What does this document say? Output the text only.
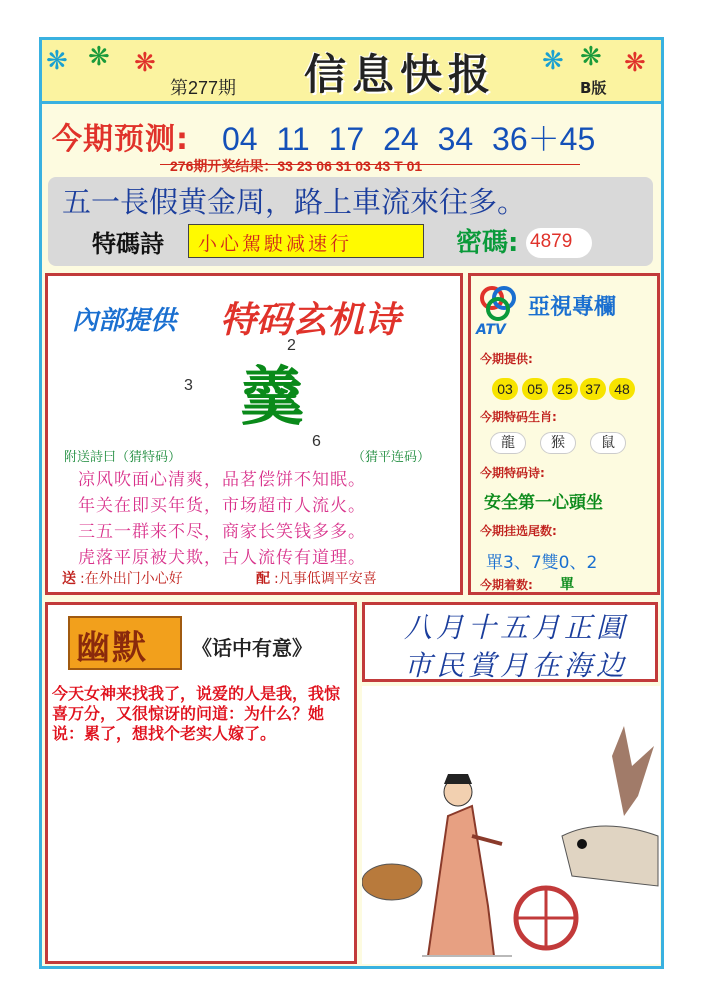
❋ ❋ ❋	❋ ❋ ❋
第277期 信息快报	B版
今期预测: 04 11 17 24 34 36＋45
276期开奖结果：33 23 06 31 03 43 T 01
五一長假黄金周，路上車流來往多。
特碼詩 小心駕駛减速行	密碼: 4879
內部提供 特码玄机诗
羹
2
3
6
附送詩曰（猜特码）	（猜平连码）
凉风吹面心清爽，品茗偿饼不知眠。
年关在即买年货，市场超市人流火。
三五一群来不尽，商家长笑钱多多。
虎落平原被犬欺，古人流传有道理。
送 :在外出门小心好	配 :凡事低调平安喜
ATV
亞視專欄
今期提供:
03	05	25 37 48
今期特码生肖:
龍	猴	鼠
今期特码诗:
安全第一心頭坐
今期挂选尾数:
單3、7雙0、2
今期着数: 單
幽默 《话中有意》
今天女神来找我了，说爱的人是我，我惊喜万分，又很惊讶的问道：为什么？她说：累了，想找个老实人嫁了。
八月十五月正圓
市民賞月在海边
